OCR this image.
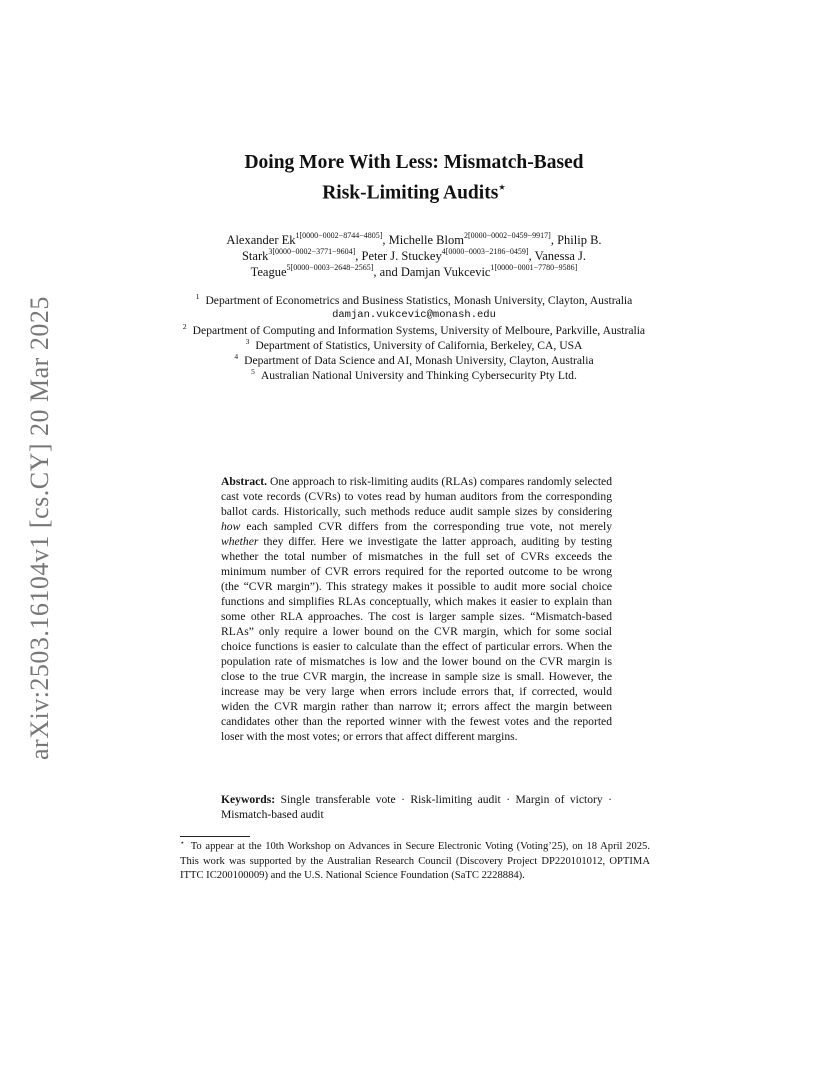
arXiv:2503.16104v1 [cs.CY] 20 Mar 2025
Doing More With Less: Mismatch-Based
Risk-Limiting Audits⋆
Alexander $Ek^{1[0000-0002-8744-4805]}$, Michelle Blom$^{2[0000-0002-0459-9917]}$, Philip B. Stark$^{3[0000-0002-3771-9604]}$, Peter J. Stuckey$^{4[0000-0003-2186-0459]}$, Vanessa J. Teague$^{5[0000-0003-2648-2565]}$, and Damjan Vukcevic$^{1[0000-0001-7780-9586]}$

$^1$ Department of Econometrics and Business Statistics, Monash University, Clayton, Australia
damjan.vukcevic@monash.edu

$^2$ Department of Computing and Information Systems, University of Melboure, Parkville, Australia

$^3$ Department of Statistics, University of California, Berkeley, CA, USA

$^4$ Department of Data Science and AI, Monash University, Clayton, Australia

$^5$ Australian National University and Thinking Cybersecurity Pty Ltd.

Abstract. One approach to risk-limiting audits (RLAs) compares randomly selected cast vote records (CVRs) to votes read by human auditors from the corresponding ballot cards. Historically, such methods reduce audit sample sizes by considering how each sampled CVR differs from the corresponding true vote, not merely whether they differ. Here we investigate the latter approach, auditing by testing whether the total number of mismatches in the full set of CVRs exceeds the minimum number of CVR errors required for the reported outcome to be wrong (the “CVR margin”). This strategy makes it possible to audit more social choice functions and simplifies RLAs conceptually, which makes it easier to explain than some other RLA approaches. The cost is larger sample sizes. “Mismatch-based RLAs” only require a lower bound on the CVR margin, which for some social choice functions is easier to calculate than the effect of particular errors. When the population rate of mismatches is low and the lower bound on the CVR margin is close to the true CVR margin, the increase in sample size is small. However, the increase may be very large when errors include errors that, if corrected, would widen the CVR margin rather than narrow it; errors affect the margin between candidates other than the reported winner with the fewest votes and the reported loser with the most votes; or errors that affect different margins.

Keywords: Single transferable vote · Risk-limiting audit · Margin of victory · Mismatch-based audit
⋆ To appear at the 10th Workshop on Advances in Secure Electronic Voting (Voting’25), on 18 April 2025. This work was supported by the Australian Research Council (Discovery Project DP220101012, OPTIMA ITTC IC200100009) and the U.S. National Science Foundation (SaTC 2228884).
